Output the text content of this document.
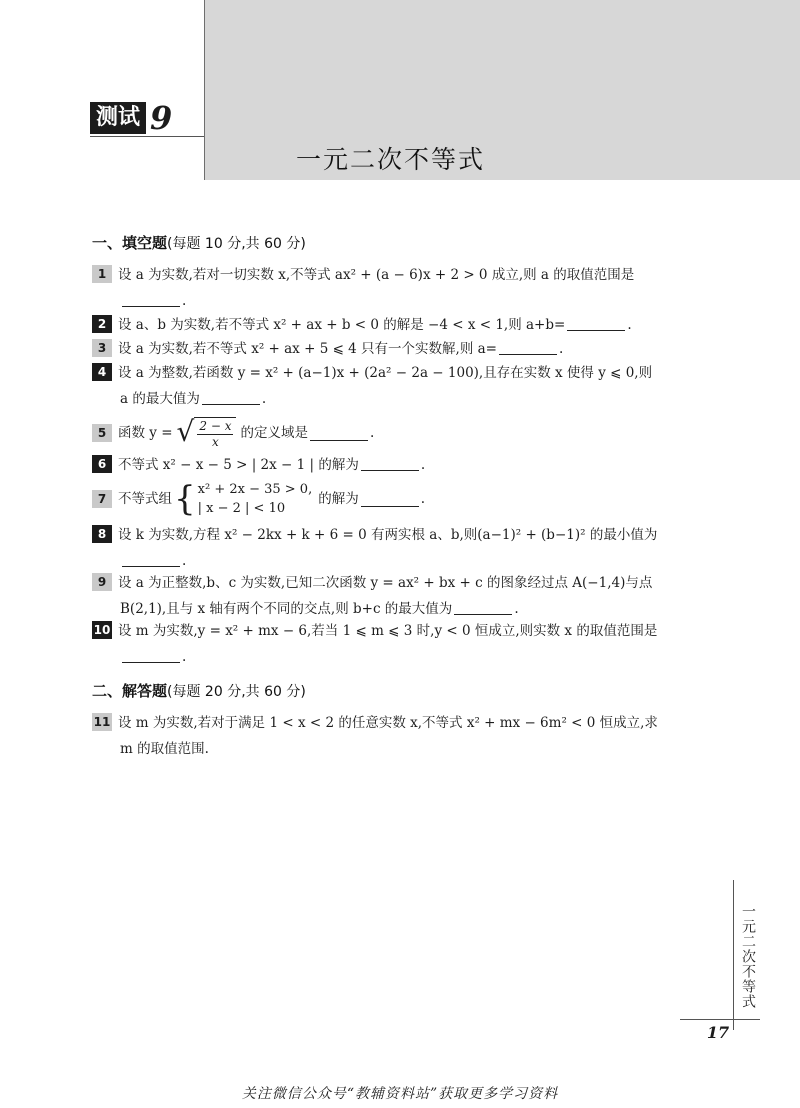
测试 9
一元二次不等式
一、填空题(每题 10 分,共 60 分)
1 设 a 为实数,若对一切实数 x,不等式 ax² + (a − 6)x + 2 > 0 成立,则 a 的取值范围是
.
2 设 a、b 为实数,若不等式 x² + ax + b < 0 的解是 −4 < x < 1,则 a+b=	.
3 设 a 为实数,若不等式 x² + ax + 5 ⩽ 4 只有一个实数解,则 a=	.
4 设 a 为整数,若函数 y = x² + (a−1)x + (2a² − 2a − 100),且存在实数 x 使得 y ⩽ 0,则
a 的最大值为	.
5 函数 y = √ $\frac{2 - x}{x}$ 的定义域是	.
6 不等式 x² − x − 5 > | 2x − 1 | 的解为	.
7 不等式组 { x² + 2x − 35 > 0,
| x − 2 | < 10
的解为	.
8 设 k 为实数,方程 x² − 2kx + k + 6 = 0 有两实根 a、b,则(a−1)² + (b−1)² 的最小值为
.
9 设 a 为正整数,b、c 为实数,已知二次函数 y = ax² + bx + c 的图象经过点 A(−1,4)与点
B(2,1),且与 x 轴有两个不同的交点,则 b+c 的最大值为	.
10 设 m 为实数,y = x² + mx − 6,若当 1 ⩽ m ⩽ 3 时,y < 0 恒成立,则实数 x 的取值范围是
.
二、解答题(每题 20 分,共 60 分)
11 设 m 为实数,若对于满足 1 < x < 2 的任意实数 x,不等式 x² + mx − 6m² < 0 恒成立,求
m 的取值范围.
一元二次不等式
17
关注微信公众号“教辅资料站”获取更多学习资料
